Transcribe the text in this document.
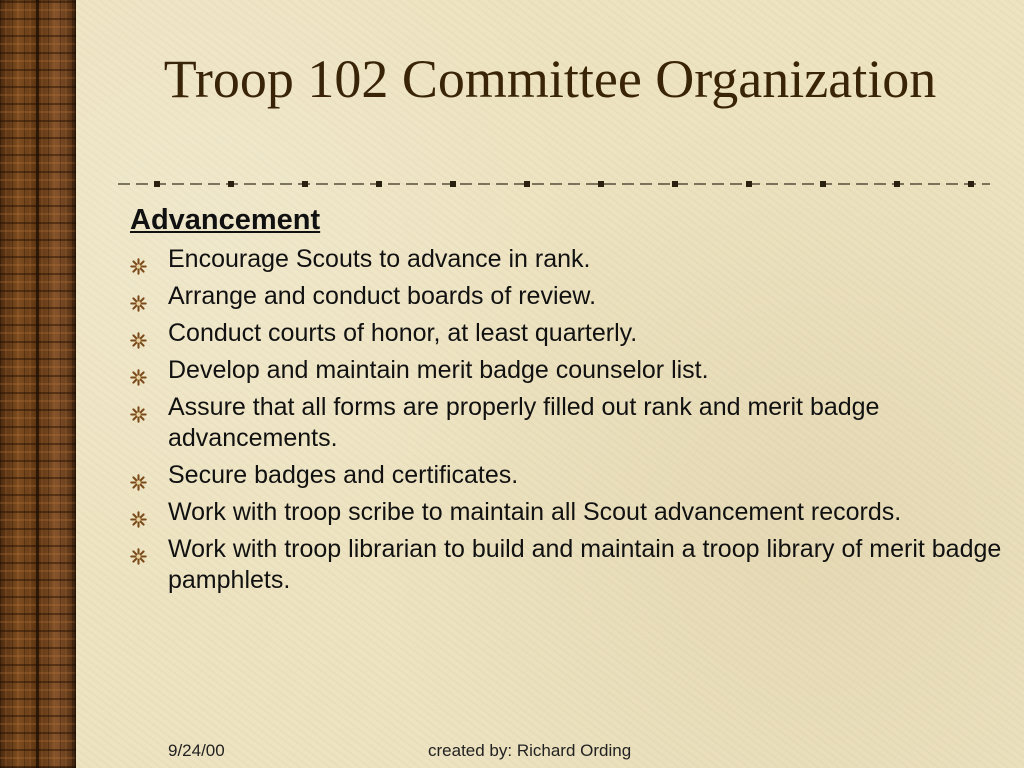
Troop 102 Committee Organization
Advancement
Encourage Scouts to advance in rank.
Arrange and conduct boards of review.
Conduct courts of honor, at least quarterly.
Develop and maintain merit badge counselor list.
Assure that all forms are properly filled out rank and merit badge advancements.
Secure badges and certificates.
Work with troop scribe to maintain all Scout advancement records.
Work with troop librarian to build and maintain a troop library of merit badge pamphlets.
9/24/00	created by: Richard Ording
